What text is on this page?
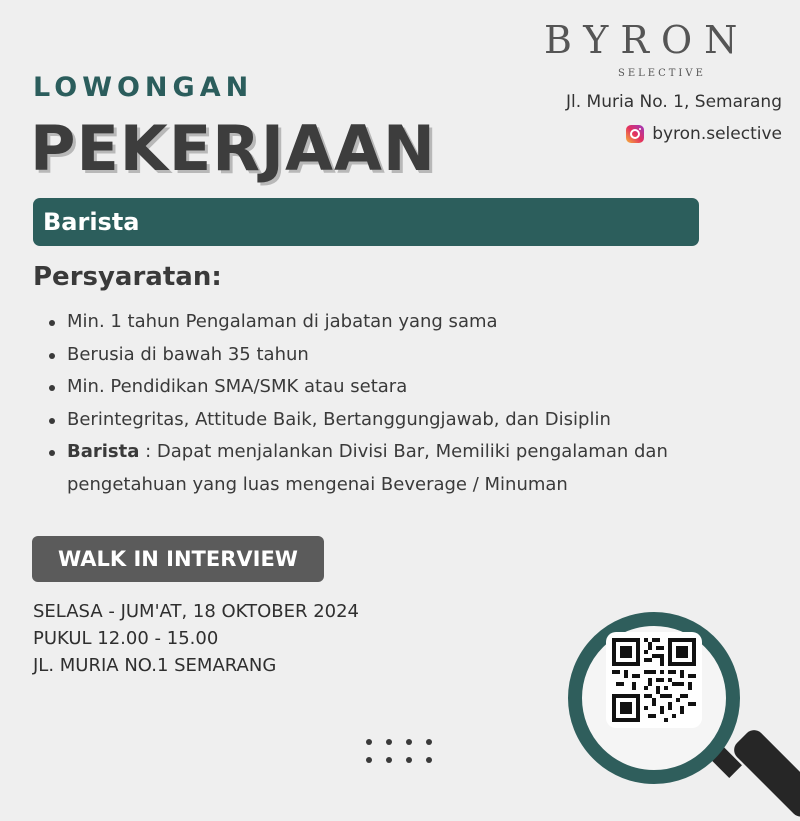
BYRON
SELECTIVE
Jl. Muria No. 1, Semarang
byron.selective
LOWONGAN
PEKERJAAN
Barista
Persyaratan:
Min. 1 tahun Pengalaman di jabatan yang sama
Berusia di bawah 35 tahun
Min. Pendidikan SMA/SMK atau setara
Berintegritas, Attitude Baik, Bertanggungjawab, dan Disiplin
Barista : Dapat menjalankan Divisi Bar, Memiliki pengalaman dan pengetahuan yang luas mengenai Beverage / Minuman
WALK IN INTERVIEW
SELASA - JUM'AT, 18 OKTOBER 2024
PUKUL 12.00 - 15.00
JL. MURIA NO.1 SEMARANG
